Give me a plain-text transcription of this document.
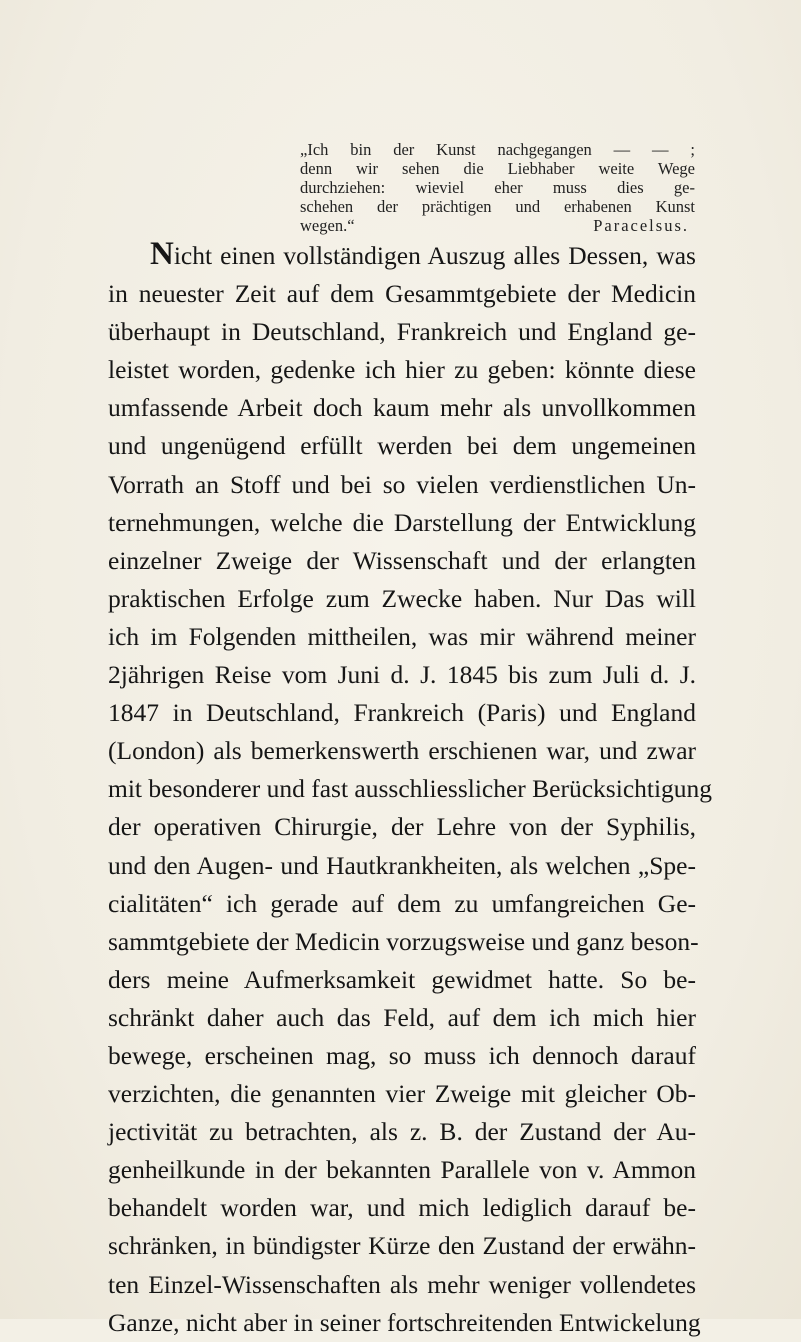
„Ich bin der Kunst nachgegangen — — ;
denn wir sehen die Liebhaber weite Wege
durchziehen: wieviel eher muss dies ge-
schehen der prächtigen und erhabenen Kunst
wegen.“	Paracelsus.
Nicht einen vollständigen Auszug alles Dessen, was
in neuester Zeit auf dem Gesammtgebiete der Medicin
überhaupt in Deutschland, Frankreich und England ge-
leistet worden, gedenke ich hier zu geben: könnte diese
umfassende Arbeit doch kaum mehr als unvollkommen
und ungenügend erfüllt werden bei dem ungemeinen
Vorrath an Stoff und bei so vielen verdienstlichen Un-
ternehmungen, welche die Darstellung der Entwicklung
einzelner Zweige der Wissenschaft und der erlangten
praktischen Erfolge zum Zwecke haben. Nur Das will
ich im Folgenden mittheilen, was mir während meiner
2jährigen Reise vom Juni d. J. 1845 bis zum Juli d. J.
1847 in Deutschland, Frankreich (Paris) und England
(London) als bemerkenswerth erschienen war, und zwar
mit besonderer und fast ausschliesslicher Berücksichtigung
der operativen Chirurgie, der Lehre von der Syphilis,
und den Augen- und Hautkrankheiten, als welchen „Spe-
cialitäten“ ich gerade auf dem zu umfangreichen Ge-
sammtgebiete der Medicin vorzugsweise und ganz beson-
ders meine Aufmerksamkeit gewidmet hatte. So be-
schränkt daher auch das Feld, auf dem ich mich hier
bewege, erscheinen mag, so muss ich dennoch darauf
verzichten, die genannten vier Zweige mit gleicher Ob-
jectivität zu betrachten, als z. B. der Zustand der Au-
genheilkunde in der bekannten Parallele von v. Ammon
behandelt worden war, und mich lediglich darauf be-
schränken, in bündigster Kürze den Zustand der erwähn-
ten Einzel-Wissenschaften als mehr weniger vollendetes
Ganze, nicht aber in seiner fortschreitenden Entwickelung
